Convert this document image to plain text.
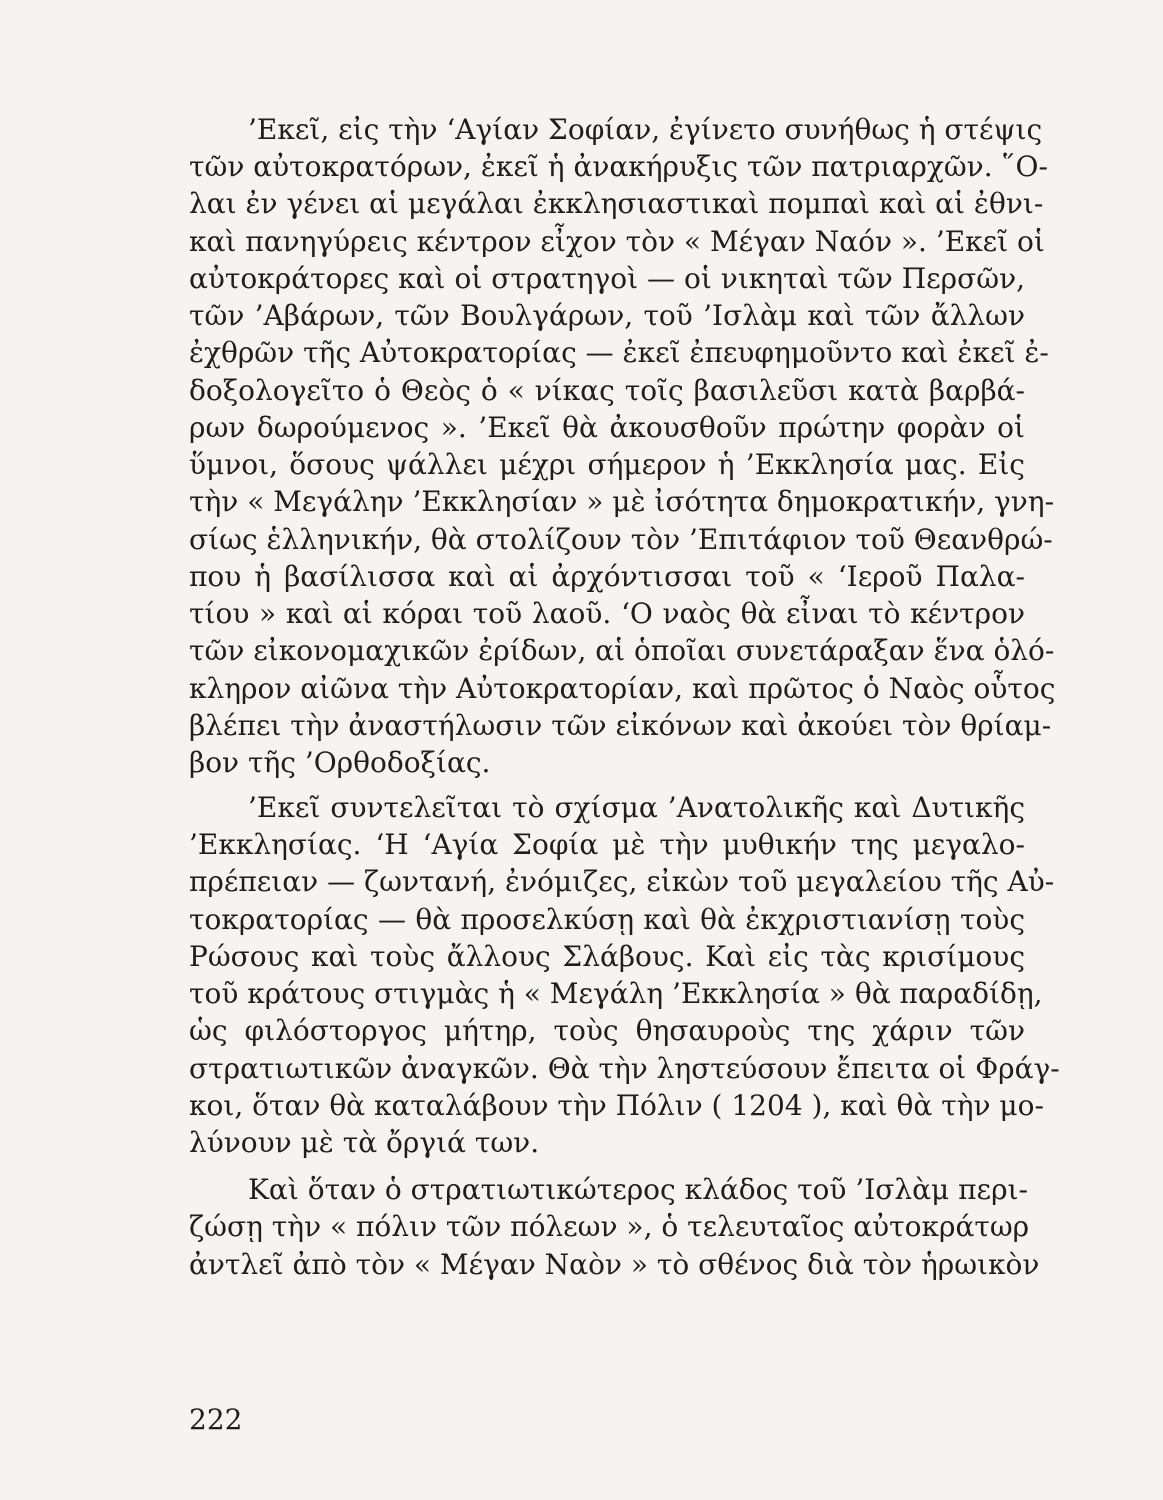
’Εκεῖ, εἰς τὴν ‘Αγίαν Σοφίαν, ἐγίνετο συνήθως ἡ στέψις
τῶν αὐτοκρατόρων, ἐκεῖ ἡ ἀνακήρυξις τῶν πατριαρχῶν. ῞Ο-
λαι ἐν γένει αἱ μεγάλαι ἐκκλησιαστικαὶ πομπαὶ καὶ αἱ ἐθνι-
καὶ πανηγύρεις κέντρον εἶχον τὸν « Μέγαν Ναόν ». ’Εκεῖ οἱ
αὐτοκράτορες καὶ οἱ στρατηγοὶ — οἱ νικηταὶ τῶν Περσῶν,
τῶν ’Αβάρων, τῶν Βουλγάρων, τοῦ ’Ισλὰμ καὶ τῶν ἄλλων
ἐχθρῶν τῆς Αὐτοκρατορίας — ἐκεῖ ἐπευφημοῦντο καὶ ἐκεῖ ἐ-
δοξολογεῖτο ὁ Θεὸς ὁ « νίκας τοῖς βασιλεῦσι κατὰ βαρβά-
ρων δωρούμενος ». ’Εκεῖ θὰ ἀκουσθοῦν πρώτην φορὰν οἱ
ὕμνοι, ὅσους ψάλλει μέχρι σήμερον ἡ ’Εκκλησία μας. Εἰς
τὴν « Μεγάλην ’Εκκλησίαν » μὲ ἰσότητα δημοκρατικήν, γνη-
σίως ἑλληνικήν, θὰ στολίζουν τὸν ’Επιτάφιον τοῦ Θεανθρώ-
που ἡ βασίλισσα καὶ αἱ ἀρχόντισσαι τοῦ « ‘Ιεροῦ Παλα-
τίου » καὶ αἱ κόραι τοῦ λαοῦ. ‘Ο ναὸς θὰ εἶναι τὸ κέντρον
τῶν εἰκονομαχικῶν ἐρίδων, αἱ ὁποῖαι συνετάραξαν ἕνα ὁλό-
κληρον αἰῶνα τὴν Αὐτοκρατορίαν, καὶ πρῶτος ὁ Ναὸς οὗτος
βλέπει τὴν ἀναστήλωσιν τῶν εἰκόνων καὶ ἀκούει τὸν θρίαμ-
βον τῆς ’Ορθοδοξίας.
’Εκεῖ συντελεῖται τὸ σχίσμα ’Ανατολικῆς καὶ Δυτικῆς
’Εκκλησίας. ‘Η ‘Αγία Σοφία μὲ τὴν μυθικήν της μεγαλο-
πρέπειαν — ζωντανή, ἐνόμιζες, εἰκὼν τοῦ μεγαλείου τῆς Αὐ-
τοκρατορίας — θὰ προσελκύσῃ καὶ θὰ ἐκχριστιανίσῃ τοὺς
Ρώσους καὶ τοὺς ἄλλους Σλάβους. Καὶ εἰς τὰς κρισίμους
τοῦ κράτους στιγμὰς ἡ « Μεγάλη ’Εκκλησία » θὰ παραδίδῃ,
ὡς φιλόστοργος μήτηρ, τοὺς θησαυροὺς της χάριν τῶν
στρατιωτικῶν ἀναγκῶν. Θὰ τὴν ληστεύσουν ἔπειτα οἱ Φράγ-
κοι, ὅταν θὰ καταλάβουν τὴν Πόλιν ( 1204 ), καὶ θὰ τὴν μο-
λύνουν μὲ τὰ ὄργιά των.
Καὶ ὅταν ὁ στρατιωτικώτερος κλάδος τοῦ ’Ισλὰμ περι-
ζώσῃ τὴν « πόλιν τῶν πόλεων », ὁ τελευταῖος αὐτοκράτωρ
ἀντλεῖ ἀπὸ τὸν « Μέγαν Ναὸν » τὸ σθένος διὰ τὸν ἡρωικὸν
222
